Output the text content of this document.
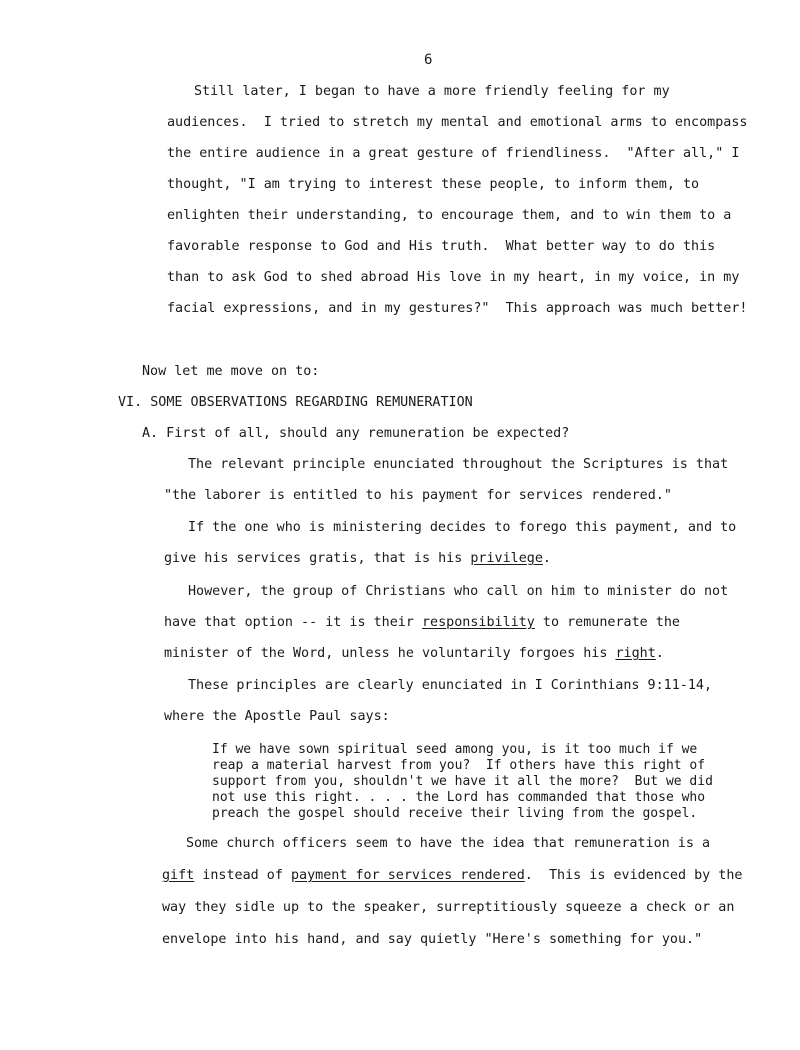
6
Still later, I began to have a more friendly feeling for my
audiences.  I tried to stretch my mental and emotional arms to encompass
the entire audience in a great gesture of friendliness.  "After all," I
thought, "I am trying to interest these people, to inform them, to
enlighten their understanding, to encourage them, and to win them to a
favorable response to God and His truth.  What better way to do this
than to ask God to shed abroad His love in my heart, in my voice, in my
facial expressions, and in my gestures?"  This approach was much better!
Now let me move on to:
VI. SOME OBSERVATIONS REGARDING REMUNERATION
A. First of all, should any remuneration be expected?
The relevant principle enunciated throughout the Scriptures is that
"the laborer is entitled to his payment for services rendered."
If the one who is ministering decides to forego this payment, and to
give his services gratis, that is his privilege.
However, the group of Christians who call on him to minister do not
have that option -- it is their responsibility to remunerate the
minister of the Word, unless he voluntarily forgoes his right.
These principles are clearly enunciated in I Corinthians 9:11-14,
where the Apostle Paul says:
If we have sown spiritual seed among you, is it too much if we
reap a material harvest from you?  If others have this right of
support from you, shouldn't we have it all the more?  But we did
not use this right. . . . the Lord has commanded that those who
preach the gospel should receive their living from the gospel.
Some church officers seem to have the idea that remuneration is a
gift instead of payment for services rendered.  This is evidenced by the
way they sidle up to the speaker, surreptitiously squeeze a check or an
envelope into his hand, and say quietly "Here's something for you."
